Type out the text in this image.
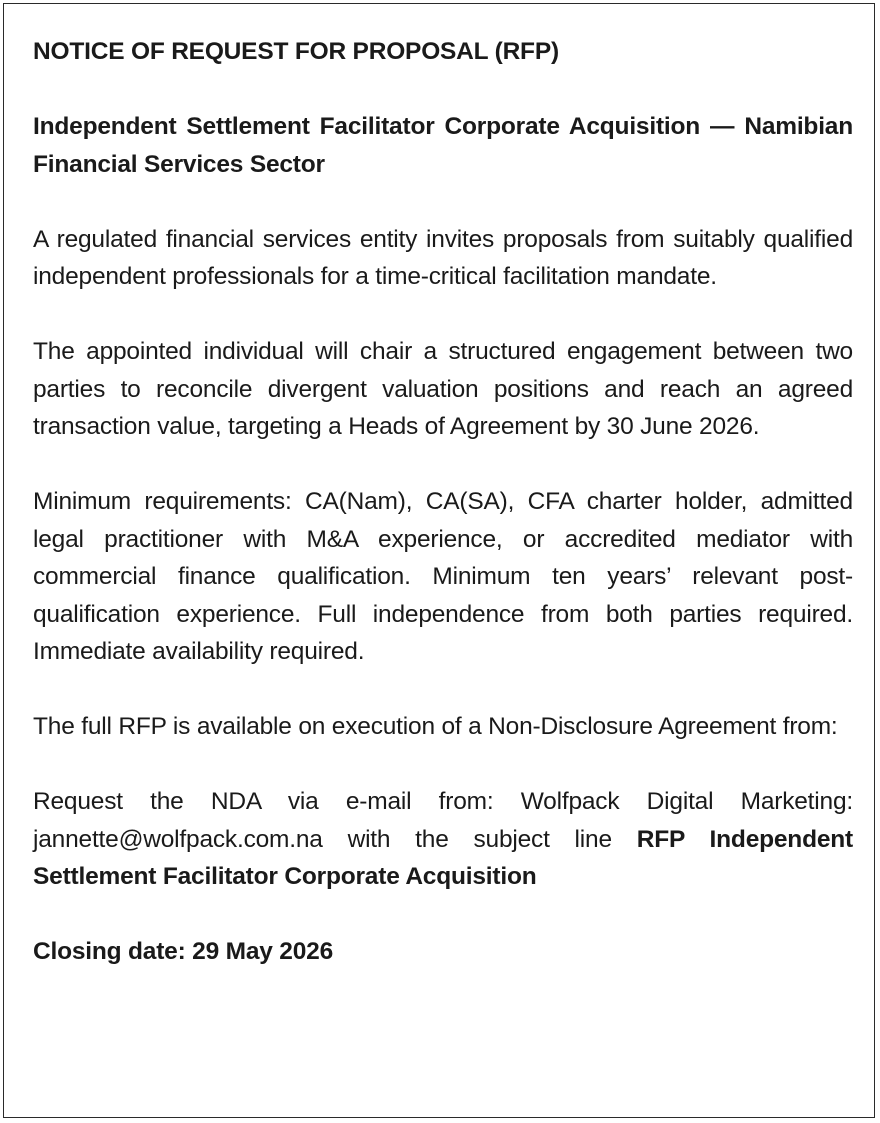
NOTICE OF REQUEST FOR PROPOSAL (RFP)
Independent Settlement Facilitator Corporate Acquisition — Namibian Financial Services Sector
A regulated financial services entity invites proposals from suitably qualified independent professionals for a time-critical facilitation mandate.
The appointed individual will chair a structured engagement between two parties to reconcile divergent valuation positions and reach an agreed transaction value, targeting a Heads of Agreement by 30 June 2026.
Minimum requirements: CA(Nam), CA(SA), CFA charter holder, admitted legal practitioner with M&A experience, or accredited mediator with commercial finance qualification. Minimum ten years’ relevant post-qualification experience. Full independence from both parties required. Immediate availability required.
The full RFP is available on execution of a Non-Disclosure Agreement from:
Request the NDA via e-mail from: Wolfpack Digital Marketing: jannette@wolfpack.com.na with the subject line RFP Independent Settlement Facilitator Corporate Acquisition
Closing date: 29 May 2026
